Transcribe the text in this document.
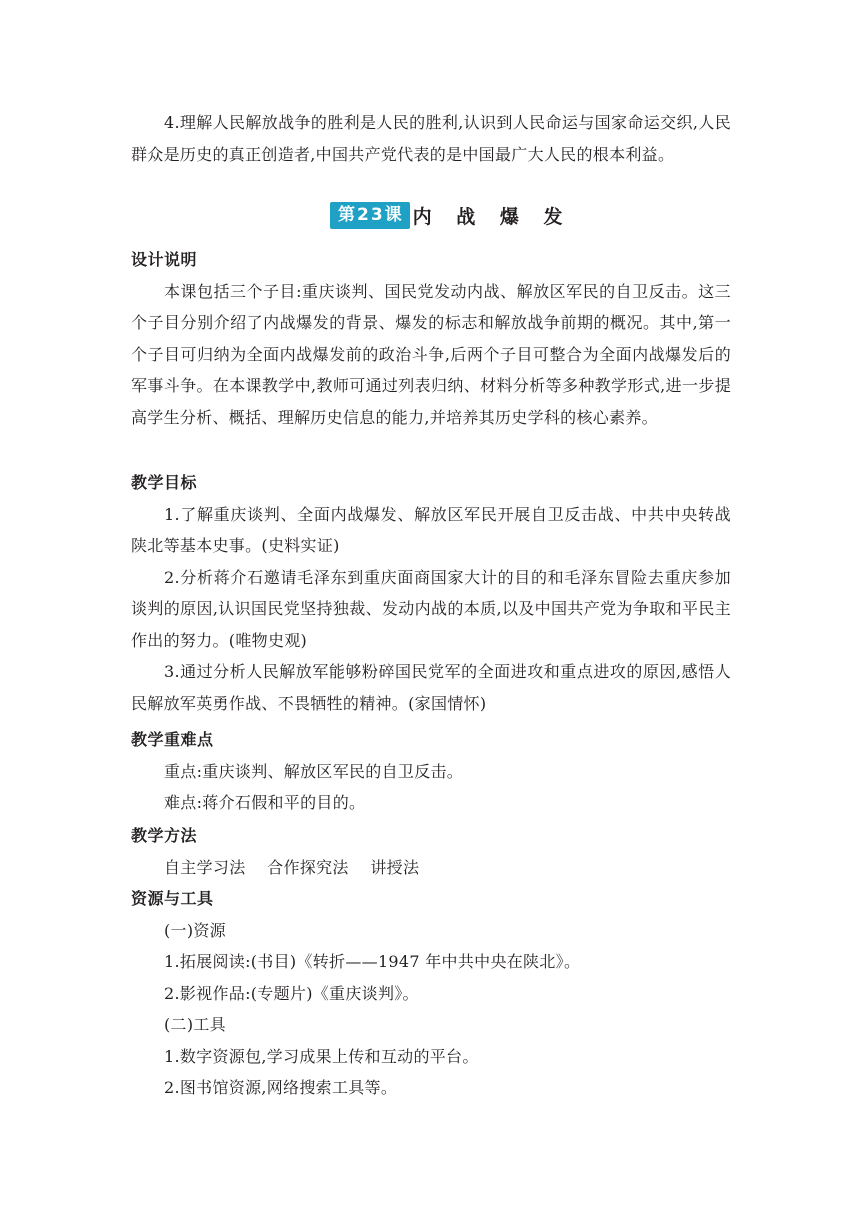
4.理解人民解放战争的胜利是人民的胜利,认识到人民命运与国家命运交织,人民群众是历史的真正创造者,中国共产党代表的是中国最广大人民的根本利益。

第23课 内 战 爆 发
设计说明

本课包括三个子目:重庆谈判、国民党发动内战、解放区军民的自卫反击。这三个子目分别介绍了内战爆发的背景、爆发的标志和解放战争前期的概况。其中,第一个子目可归纳为全面内战爆发前的政治斗争,后两个子目可整合为全面内战爆发后的军事斗争。在本课教学中,教师可通过列表归纳、材料分析等多种教学形式,进一步提高学生分析、概括、理解历史信息的能力,并培养其历史学科的核心素养。

教学目标

1.了解重庆谈判、全面内战爆发、解放区军民开展自卫反击战、中共中央转战陕北等基本史事。(史料实证)

2.分析蒋介石邀请毛泽东到重庆面商国家大计的目的和毛泽东冒险去重庆参加谈判的原因,认识国民党坚持独裁、发动内战的本质,以及中国共产党为争取和平民主作出的努力。(唯物史观)

3.通过分析人民解放军能够粉碎国民党军的全面进攻和重点进攻的原因,感悟人民解放军英勇作战、不畏牺牲的精神。(家国情怀)

教学重难点

重点:重庆谈判、解放区军民的自卫反击。

难点:蒋介石假和平的目的。

教学方法

自主学习法　 合作探究法　 讲授法

资源与工具

(一)资源

1.拓展阅读:(书目)《转折——1947 年中共中央在陕北》。

2.影视作品:(专题片)《重庆谈判》。

(二)工具

1.数字资源包,学习成果上传和互动的平台。

2.图书馆资源,网络搜索工具等。
